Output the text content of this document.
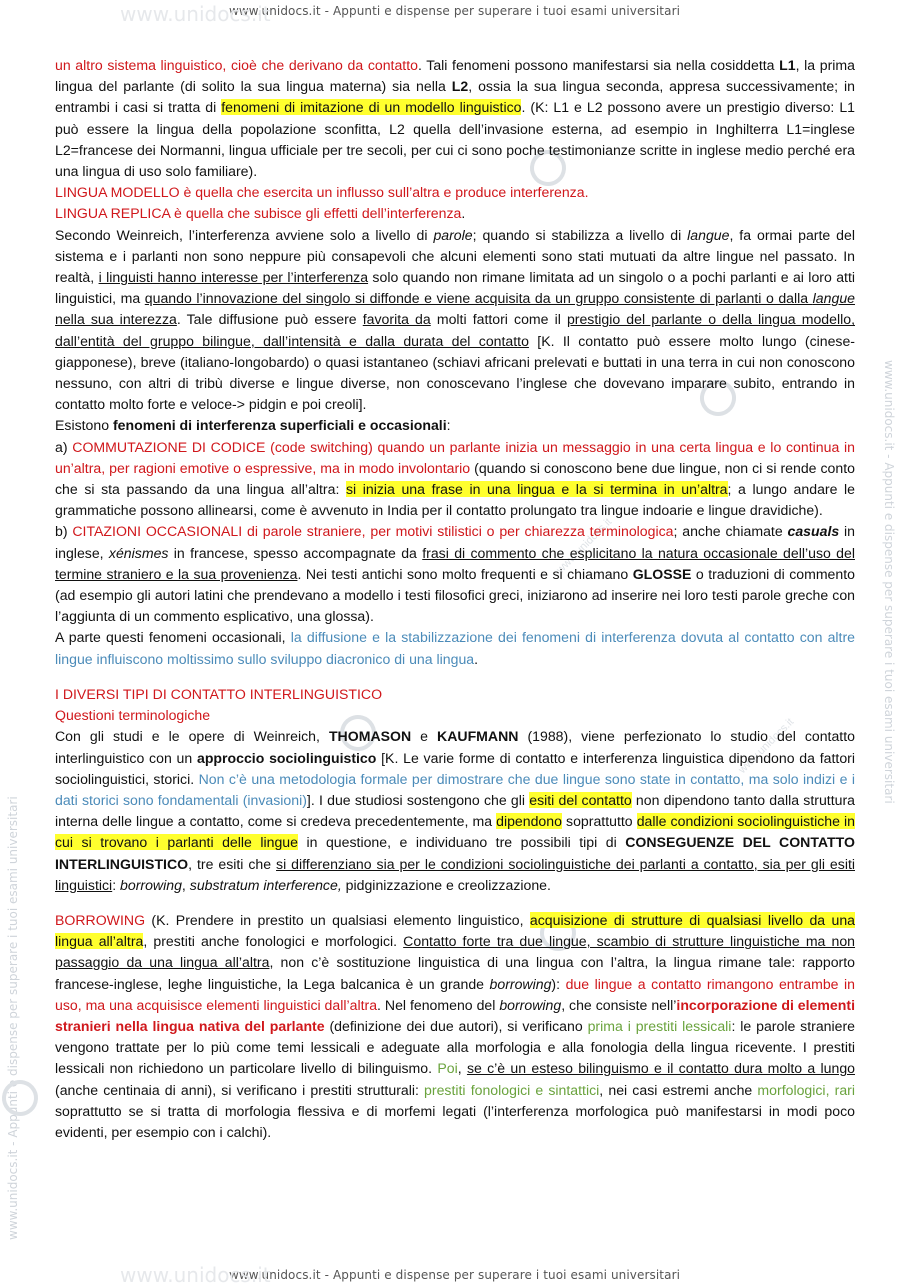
www.unidocs.it - Appunti e dispense per superare i tuoi esami universitari
www.unidocs.it - Appunti e dispense per superare i tuoi esami universitari
www.unidocs.it
www.unidocs.it
www.unidocs.it - Appunti e dispense per superare i tuoi esami universitari
www.unidocs.it - Appunti e dispense per superare i tuoi esami universitari
www.unidocs.it
www.unidocs.it

un altro sistema linguistico, cioè che derivano da contatto. Tali fenomeni possono manifestarsi sia nella cosiddetta L1, la prima lingua del parlante (di solito la sua lingua materna) sia nella L2, ossia la sua lingua seconda, appresa successivamente; in entrambi i casi si tratta di fenomeni di imitazione di un modello linguistico. (K: L1 e L2 possono avere un prestigio diverso: L1 può essere la lingua della popolazione sconfitta, L2 quella dell’invasione esterna, ad esempio in Inghilterra L1=inglese L2=francese dei Normanni, lingua ufficiale per tre secoli, per cui ci sono poche testimonianze scritte in inglese medio perché era una lingua di uso solo familiare).

LINGUA MODELLO è quella che esercita un influsso sull’altra e produce interferenza.

LINGUA REPLICA è quella che subisce gli effetti dell’interferenza.

Secondo Weinreich, l’interferenza avviene solo a livello di parole; quando si stabilizza a livello di langue, fa ormai parte del sistema e i parlanti non sono neppure più consapevoli che alcuni elementi sono stati mutuati da altre lingue nel passato. In realtà, i linguisti hanno interesse per l’interferenza solo quando non rimane limitata ad un singolo o a pochi parlanti e ai loro atti linguistici, ma quando l’innovazione del singolo si diffonde e viene acquisita da un gruppo consistente di parlanti o dalla langue nella sua interezza. Tale diffusione può essere favorita da molti fattori come il prestigio del parlante o della lingua modello, dall’entità del gruppo bilingue, dall’intensità e dalla durata del contatto [K. Il contatto può essere molto lungo (cinese-giapponese), breve (italiano-longobardo) o quasi istantaneo (schiavi africani prelevati e buttati in una terra in cui non conoscono nessuno, con altri di tribù diverse e lingue diverse, non conoscevano l’inglese che dovevano imparare subito, entrando in contatto molto forte e veloce-> pidgin e poi creoli].

Esistono fenomeni di interferenza superficiali e occasionali:

a) COMMUTAZIONE DI CODICE (code switching) quando un parlante inizia un messaggio in una certa lingua e lo continua in un’altra, per ragioni emotive o espressive, ma in modo involontario (quando si conoscono bene due lingue, non ci si rende conto che si sta passando da una lingua all’altra: si inizia una frase in una lingua e la si termina in un’altra; a lungo andare le grammatiche possono allinearsi, come è avvenuto in India per il contatto prolungato tra lingue indoarie e lingue dravidiche).

b) CITAZIONI OCCASIONALI di parole straniere, per motivi stilistici o per chiarezza terminologica; anche chiamate casuals in inglese, xénismes in francese, spesso accompagnate da frasi di commento che esplicitano la natura occasionale dell’uso del termine straniero e la sua provenienza. Nei testi antichi sono molto frequenti e si chiamano GLOSSE o traduzioni di commento (ad esempio gli autori latini che prendevano a modello i testi filosofici greci, iniziarono ad inserire nei loro testi parole greche con l’aggiunta di un commento esplicativo, una glossa).

A parte questi fenomeni occasionali, la diffusione e la stabilizzazione dei fenomeni di interferenza dovuta al contatto con altre lingue influiscono moltissimo sullo sviluppo diacronico di una lingua.

I DIVERSI TIPI DI CONTATTO INTERLINGUISTICO

Questioni terminologiche

Con gli studi e le opere di Weinreich, THOMASON e KAUFMANN (1988), viene perfezionato lo studio del contatto interlinguistico con un approccio sociolinguistico [K. Le varie forme di contatto e interferenza linguistica dipendono da fattori sociolinguistici, storici. Non c’è una metodologia formale per dimostrare che due lingue sono state in contatto, ma solo indizi e i dati storici sono fondamentali (invasioni)]. I due studiosi sostengono che gli esiti del contatto non dipendono tanto dalla struttura interna delle lingue a contatto, come si credeva precedentemente, ma dipendono soprattutto dalle condizioni sociolinguistiche in cui si trovano i parlanti delle lingue in questione, e individuano tre possibili tipi di CONSEGUENZE DEL CONTATTO INTERLINGUISTICO, tre esiti che si differenziano sia per le condizioni sociolinguistiche dei parlanti a contatto, sia per gli esiti linguistici: borrowing, substratum interference, pidginizzazione e creolizzazione.

BORROWING (K. Prendere in prestito un qualsiasi elemento linguistico, acquisizione di strutture di qualsiasi livello da una lingua all’altra, prestiti anche fonologici e morfologici. Contatto forte tra due lingue, scambio di strutture linguistiche ma non passaggio da una lingua all’altra, non c’è sostituzione linguistica di una lingua con l’altra, la lingua rimane tale: rapporto francese-inglese, leghe linguistiche, la Lega balcanica è un grande borrowing): due lingue a contatto rimangono entrambe in uso, ma una acquisisce elementi linguistici dall’altra. Nel fenomeno del borrowing, che consiste nell’incorporazione di elementi stranieri nella lingua nativa del parlante (definizione dei due autori), si verificano prima i prestiti lessicali: le parole straniere vengono trattate per lo più come temi lessicali e adeguate alla morfologia e alla fonologia della lingua ricevente. I prestiti lessicali non richiedono un particolare livello di bilinguismo. Poi, se c’è un esteso bilinguismo e il contatto dura molto a lungo (anche centinaia di anni), si verificano i prestiti strutturali: prestiti fonologici e sintattici, nei casi estremi anche morfologici, rari soprattutto se si tratta di morfologia flessiva e di morfemi legati (l’interferenza morfologica può manifestarsi in modi poco evidenti, per esempio con i calchi).
